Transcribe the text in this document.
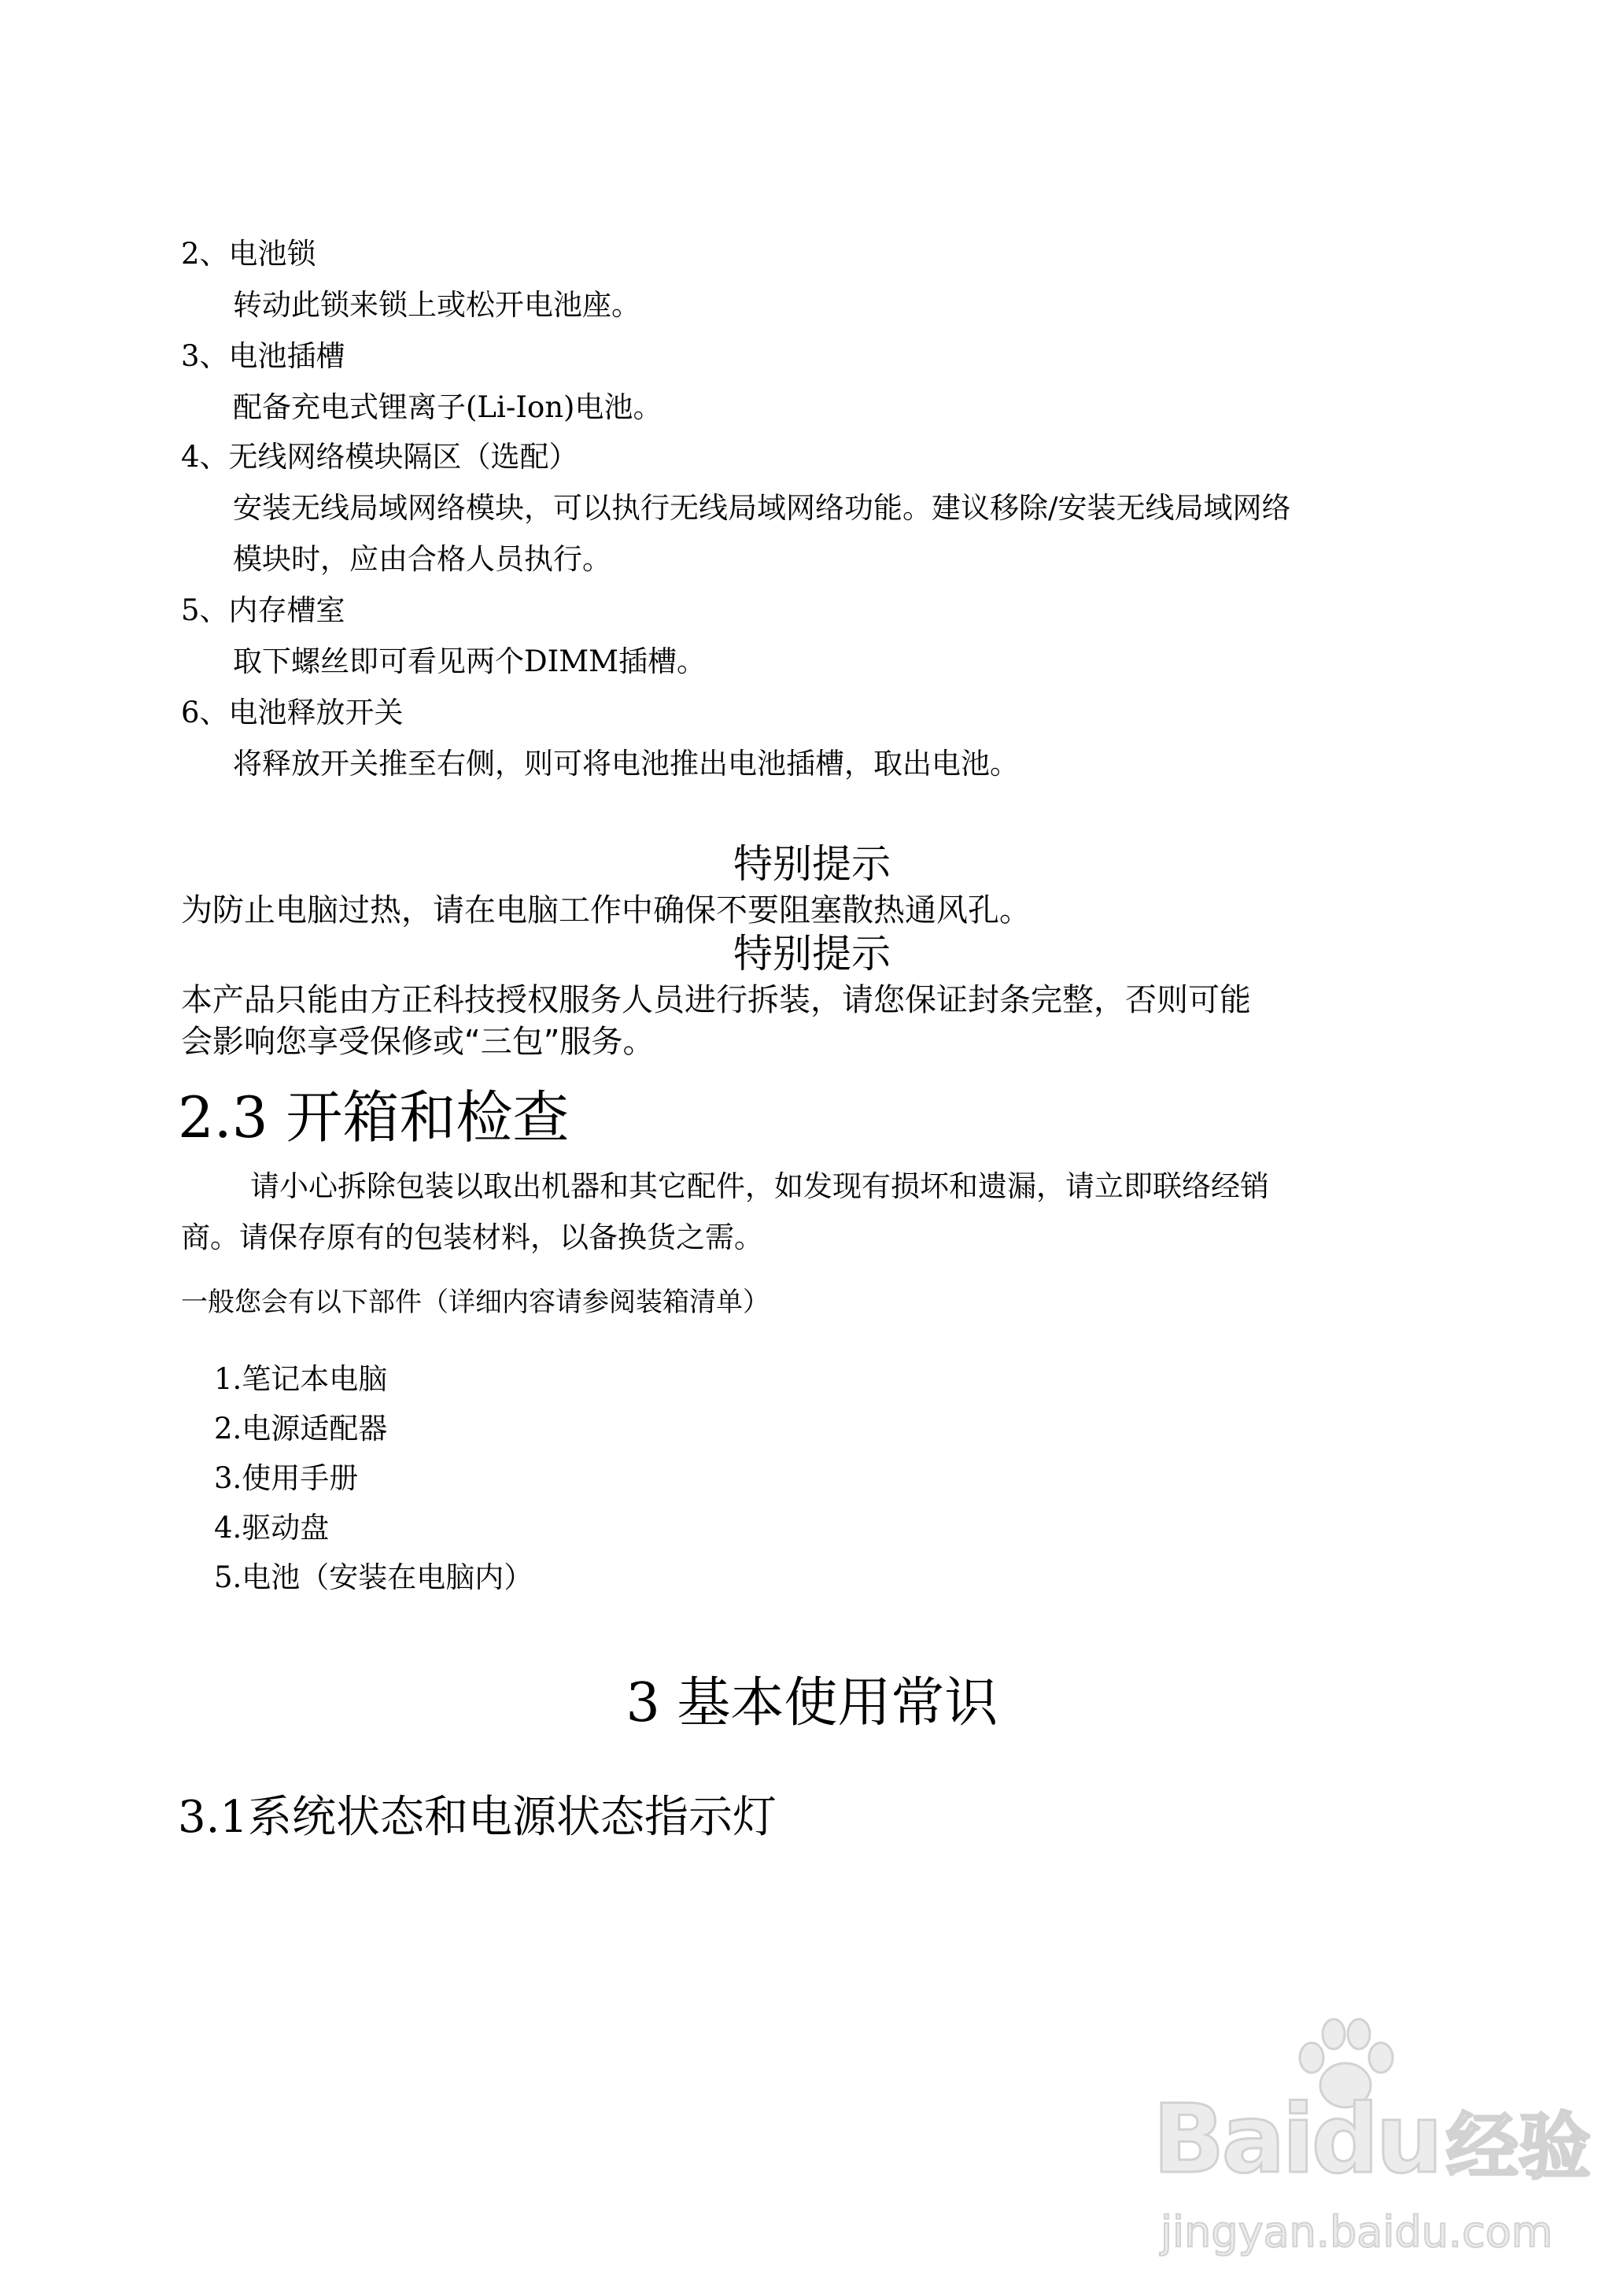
2、电池锁
转动此锁来锁上或松开电池座。
3、电池插槽
配备充电式锂离子(Li-Ion)电池。
4、无线网络模块隔区（选配）
安装无线局域网络模块，可以执行无线局域网络功能。建议移除/安装无线局域网络
模块时，应由合格人员执行。
5、内存槽室
取下螺丝即可看见两个DIMM插槽。
6、电池释放开关
将释放开关推至右侧，则可将电池推出电池插槽，取出电池。
特别提示
为防止电脑过热，请在电脑工作中确保不要阻塞散热通风孔。
特别提示
本产品只能由方正科技授权服务人员进行拆装，请您保证封条完整，否则可能
会影响您享受保修或“三包”服务。
2.3 开箱和检查
请小心拆除包装以取出机器和其它配件，如发现有损坏和遗漏，请立即联络经销
商。请保存原有的包装材料，以备换货之需。
一般您会有以下部件（详细内容请参阅装箱清单）
1.笔记本电脑
2.电源适配器
3.使用手册
4.驱动盘
5.电池（安装在电脑内）
3 基本使用常识
3.1系统状态和电源状态指示灯
Baidu经验
jingyan.baidu.com
